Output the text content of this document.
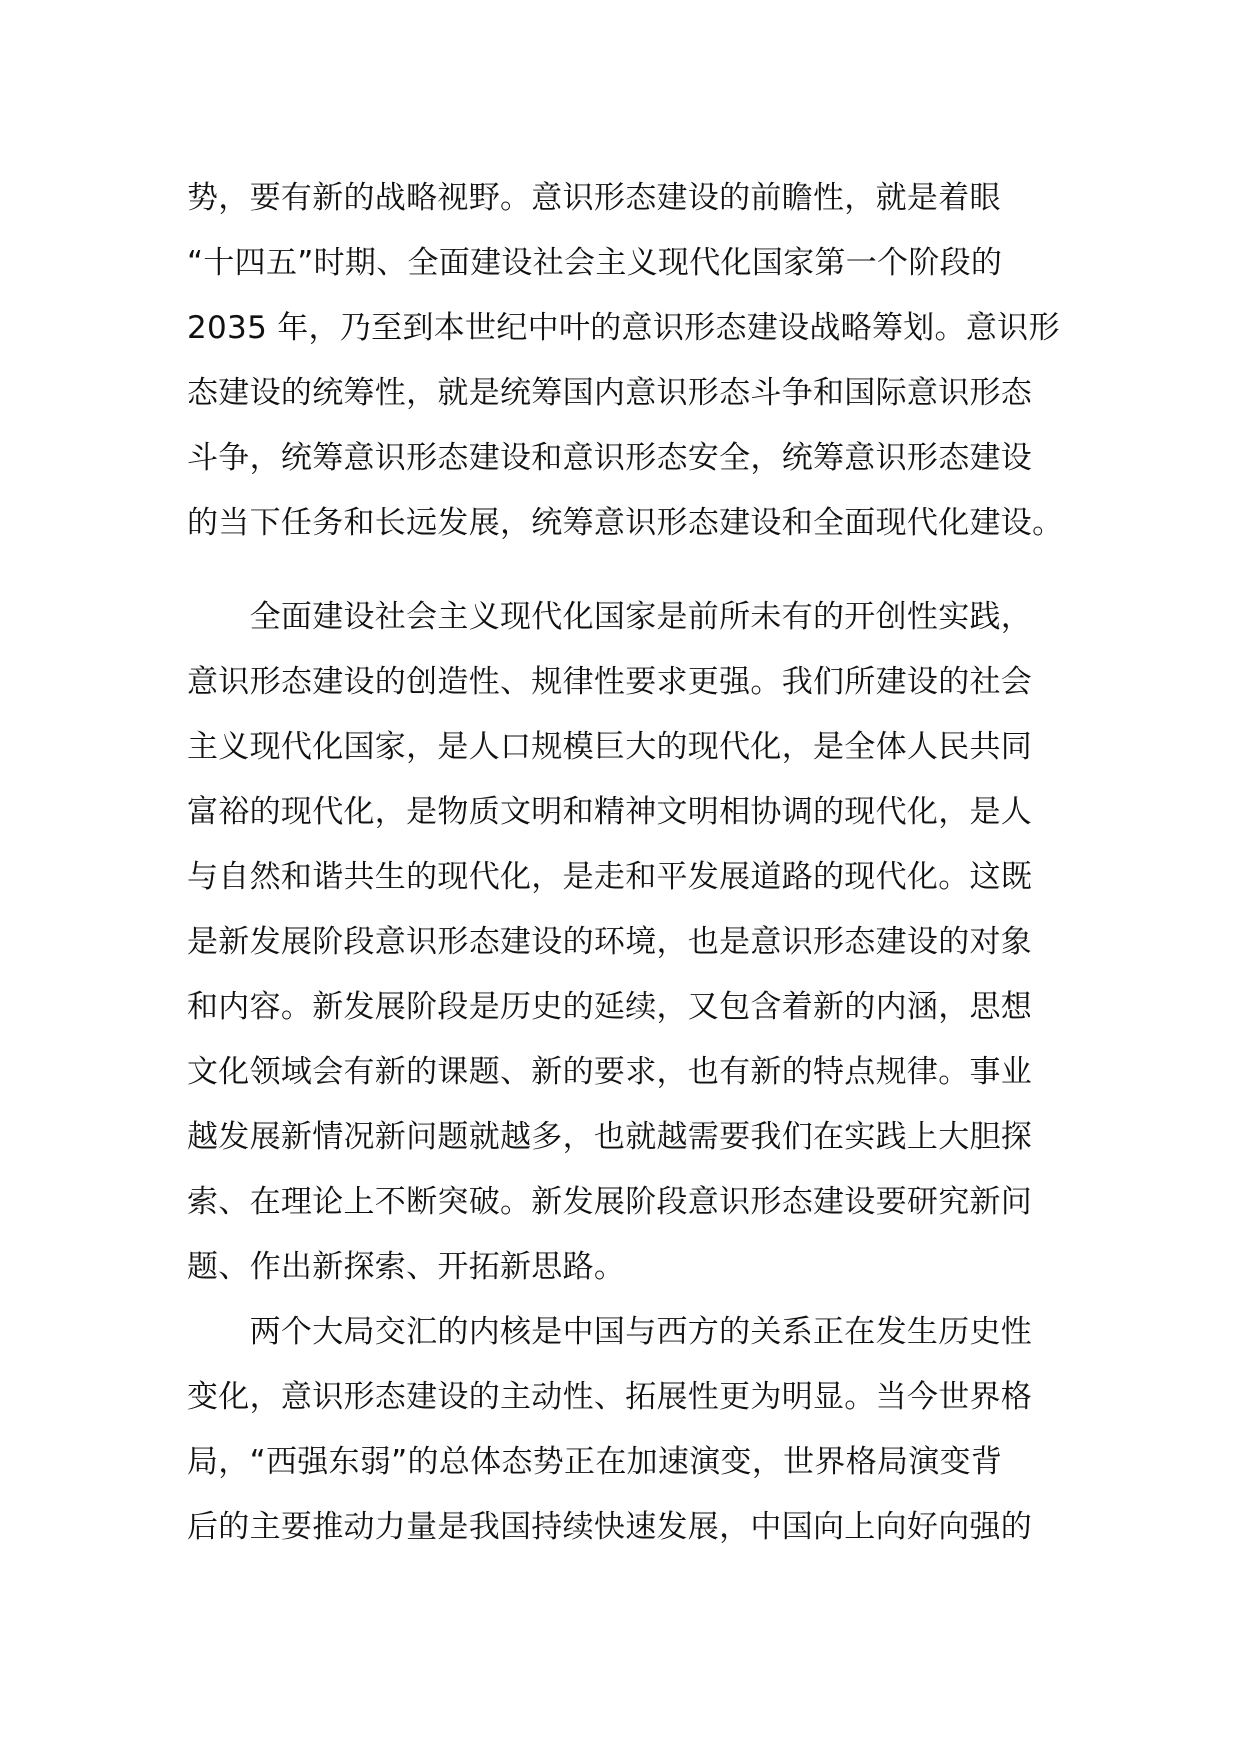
势，要有新的战略视野。意识形态建设的前瞻性，就是着眼
“十四五”时期、全面建设社会主义现代化国家第一个阶段的
2035 年，乃至到本世纪中叶的意识形态建设战略筹划。意识形
态建设的统筹性，就是统筹国内意识形态斗争和国际意识形态
斗争，统筹意识形态建设和意识形态安全，统筹意识形态建设
的当下任务和长远发展，统筹意识形态建设和全面现代化建设。
　　全面建设社会主义现代化国家是前所未有的开创性实践，
意识形态建设的创造性、规律性要求更强。我们所建设的社会
主义现代化国家，是人口规模巨大的现代化，是全体人民共同
富裕的现代化，是物质文明和精神文明相协调的现代化，是人
与自然和谐共生的现代化，是走和平发展道路的现代化。这既
是新发展阶段意识形态建设的环境，也是意识形态建设的对象
和内容。新发展阶段是历史的延续，又包含着新的内涵，思想
文化领域会有新的课题、新的要求，也有新的特点规律。事业
越发展新情况新问题就越多，也就越需要我们在实践上大胆探
索、在理论上不断突破。新发展阶段意识形态建设要研究新问
题、作出新探索、开拓新思路。
　　两个大局交汇的内核是中国与西方的关系正在发生历史性
变化，意识形态建设的主动性、拓展性更为明显。当今世界格
局，“西强东弱”的总体态势正在加速演变，世界格局演变背
后的主要推动力量是我国持续快速发展，中国向上向好向强的
